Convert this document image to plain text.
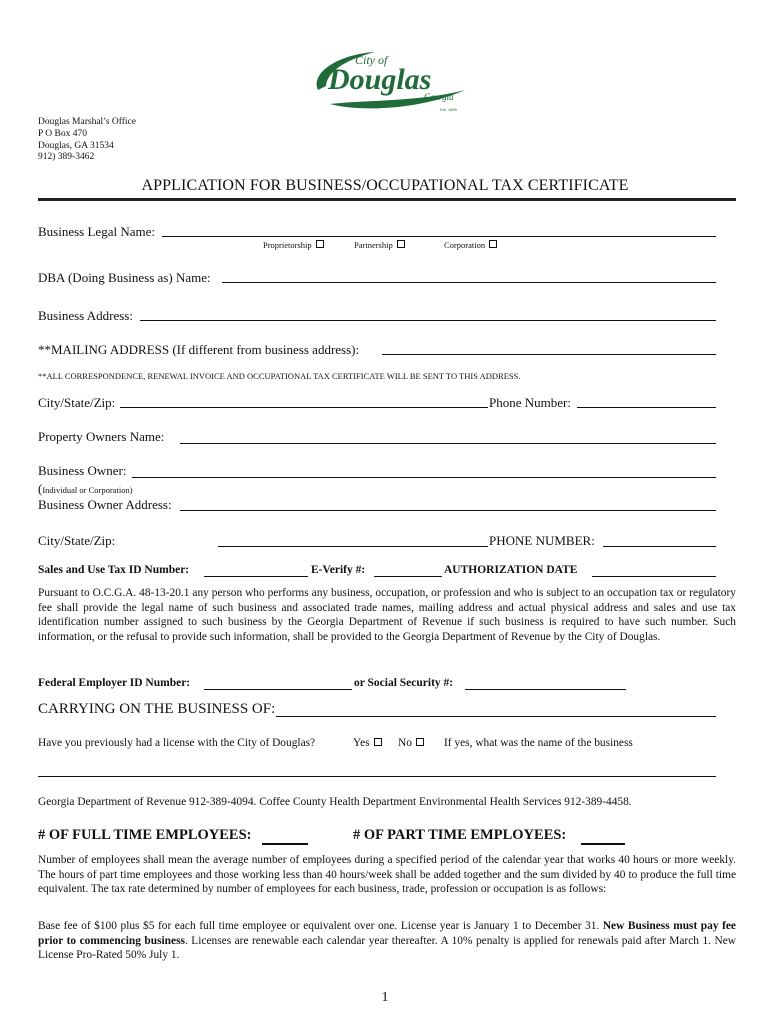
City of
Douglas
Georgia
Est. 1899
Douglas Marshal’s Office
P O Box 470
Douglas, GA 31534
912) 389-3462
APPLICATION FOR BUSINESS/OCCUPATIONAL TAX CERTIFICATE
Business Legal Name:
Proprietorship	Partnership	Corporation
DBA (Doing Business as) Name:
Business Address:
**MAILING ADDRESS (If different from business address):
**ALL CORRESPONDENCE, RENEWAL INVOICE AND OCCUPATIONAL TAX CERTIFICATE WILL BE SENT TO THIS ADDRESS.
City/State/Zip:	Phone Number:
Property Owners Name:
Business Owner:
(Individual or Corporation)
Business Owner Address:
City/State/Zip:	PHONE NUMBER:
Sales and Use Tax ID Number:	E-Verify #:	AUTHORIZATION DATE
Pursuant to O.C.G.A. 48-13-20.1 any person who performs any business, occupation, or profession and who is subject to an occupation tax or regulatory fee shall provide the legal name of such business and associated trade names, mailing address and actual physical address and sales and use tax identification number assigned to such business by the Georgia Department of Revenue if such business is required to have such number. Such information, or the refusal to provide such information, shall be provided to the Georgia Department of Revenue by the City of Douglas.
Federal Employer ID Number:	or Social Security #:
CARRYING ON THE BUSINESS OF:
Have you previously had a license with the City of Douglas?	Yes	No	If yes, what was the name of the business
Georgia Department of Revenue 912-389-4094. Coffee County Health Department Environmental Health Services 912-389-4458.
# OF FULL TIME EMPLOYEES:	# OF PART TIME EMPLOYEES:
Number of employees shall mean the average number of employees during a specified period of the calendar year that works 40 hours or more weekly. The hours of part time employees and those working less than 40 hours/week shall be added together and the sum divided by 40 to produce the full time equivalent. The tax rate determined by number of employees for each business, trade, profession or occupation is as follows:
Base fee of $100 plus $5 for each full time employee or equivalent over one. License year is January 1 to December 31. New Business must pay fee prior to commencing business. Licenses are renewable each calendar year thereafter. A 10% penalty is applied for renewals paid after March 1. New License Pro-Rated 50% July 1.
1
